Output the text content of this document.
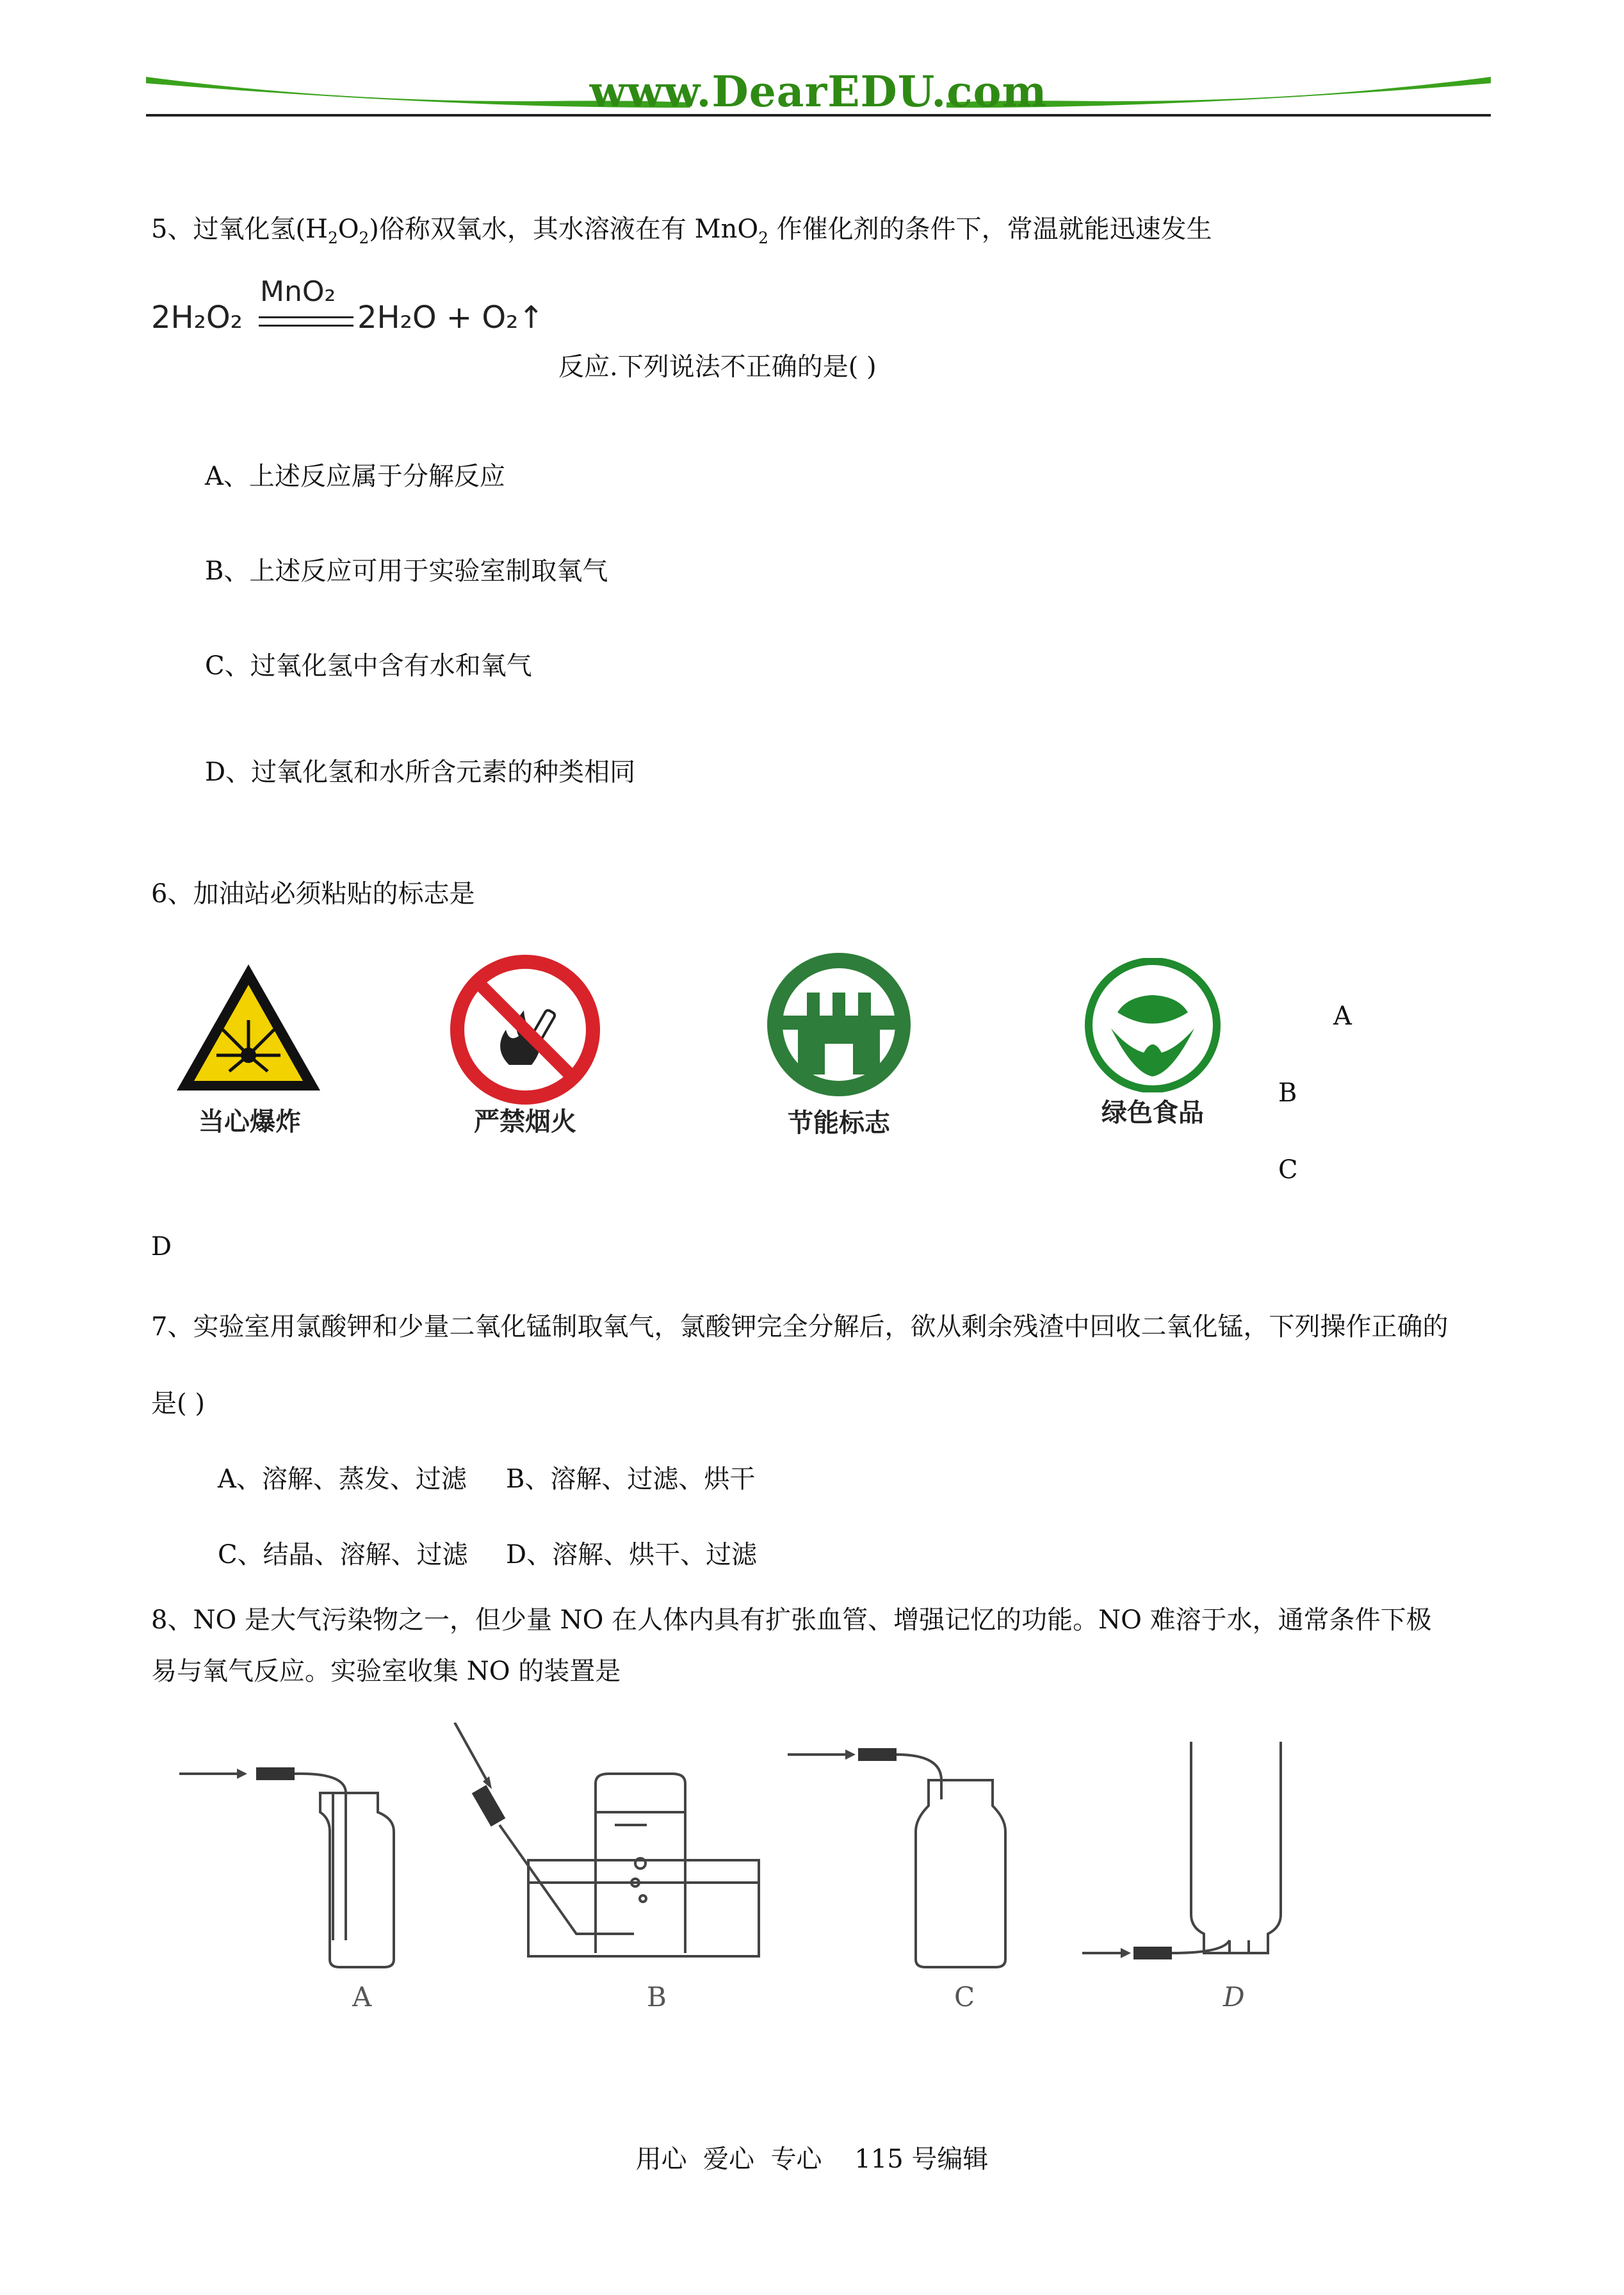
www.DearEDU.com
5、过氧化氢$(H_2O_2)$俗称双氧水，其水溶液在有 MnO$_2$ 作催化剂的条件下，常温就能迅速发生
2H₂O₂
MnO₂
2H₂O + O₂↑
反应.下列说法不正确的是( )
A、上述反应属于分解反应
B、上述反应可用于实验室制取氧气
C、过氧化氢中含有水和氧气
D、过氧化氢和水所含元素的种类相同
6、加油站必须粘贴的标志是
当心爆炸	严禁烟火	节能标志	绿色食品
A
B
C
D
7、实验室用氯酸钾和少量二氧化锰制取氧气，氯酸钾完全分解后，欲从剩余残渣中回收二氧化锰，下列操作正确的
是( )
A、溶解、蒸发、过滤 B、溶解、过滤、烘干
C、结晶、溶解、过滤 D、溶解、烘干、过滤
8、NO 是大气污染物之一，但少量 NO 在人体内具有扩张血管、增强记忆的功能。NO 难溶于水，通常条件下极
易与氧气反应。实验室收集 NO 的装置是
A	B	C	D
用心  爱心  专心    115 号编辑
